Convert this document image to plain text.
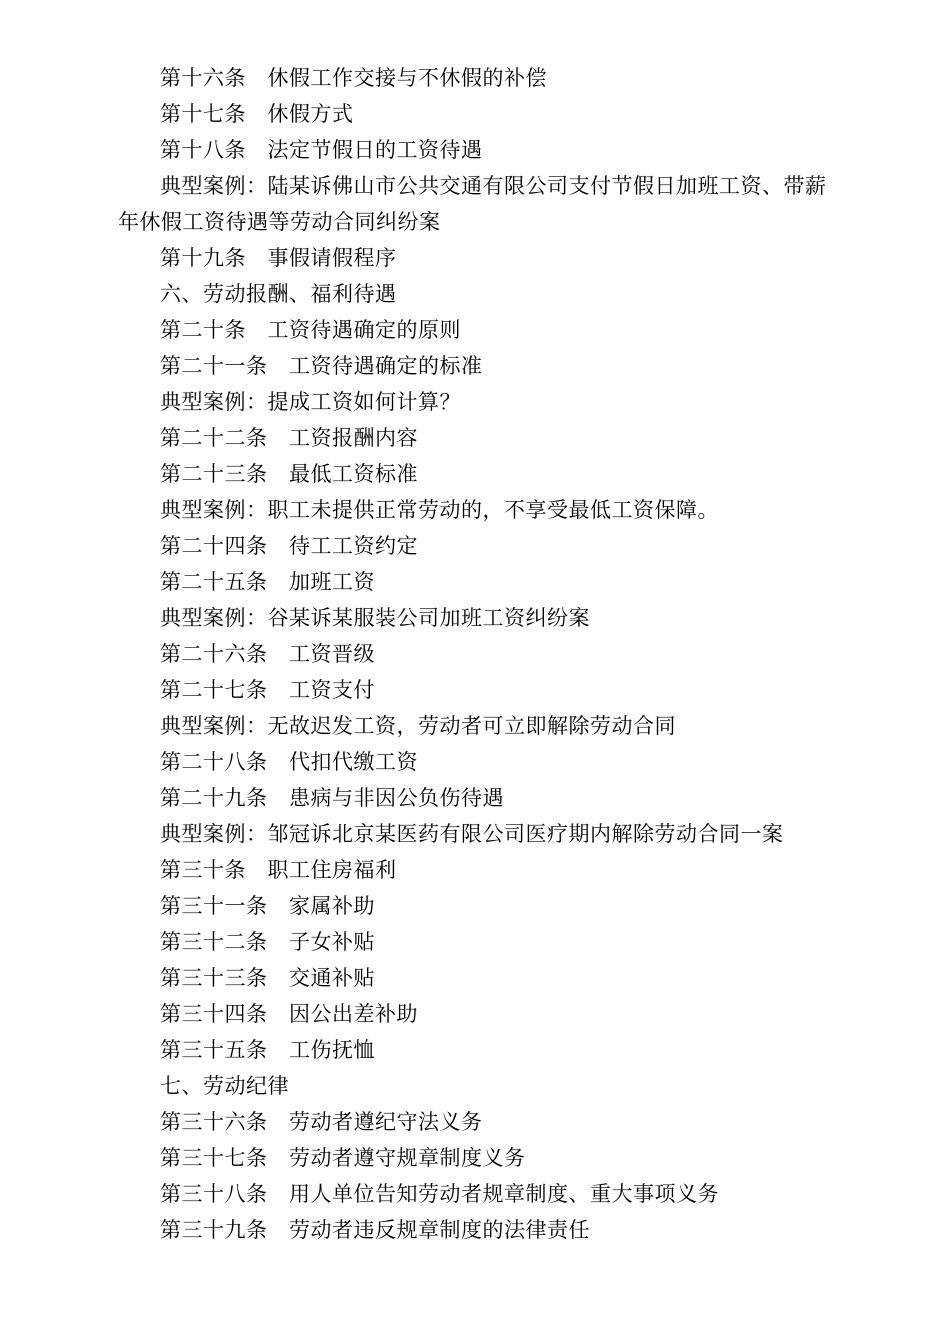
第十六条　休假工作交接与不休假的补偿

第十七条　休假方式

第十八条　法定节假日的工资待遇

典型案例：陆某诉佛山市公共交通有限公司支付节假日加班工资、带薪年休假工资待遇等劳动合同纠纷案

第十九条　事假请假程序

六、劳动报酬、福利待遇

第二十条　工资待遇确定的原则

第二十一条　工资待遇确定的标准

典型案例：提成工资如何计算？

第二十二条　工资报酬内容

第二十三条　最低工资标准

典型案例：职工未提供正常劳动的，不享受最低工资保障。

第二十四条　待工工资约定

第二十五条　加班工资

典型案例：谷某诉某服装公司加班工资纠纷案

第二十六条　工资晋级

第二十七条　工资支付

典型案例：无故迟发工资，劳动者可立即解除劳动合同

第二十八条　代扣代缴工资

第二十九条　患病与非因公负伤待遇

典型案例：邹冠诉北京某医药有限公司医疗期内解除劳动合同一案

第三十条　职工住房福利

第三十一条　家属补助

第三十二条　子女补贴

第三十三条　交通补贴

第三十四条　因公出差补助

第三十五条　工伤抚恤

七、劳动纪律

第三十六条　劳动者遵纪守法义务

第三十七条　劳动者遵守规章制度义务

第三十八条　用人单位告知劳动者规章制度、重大事项义务

第三十九条　劳动者违反规章制度的法律责任
